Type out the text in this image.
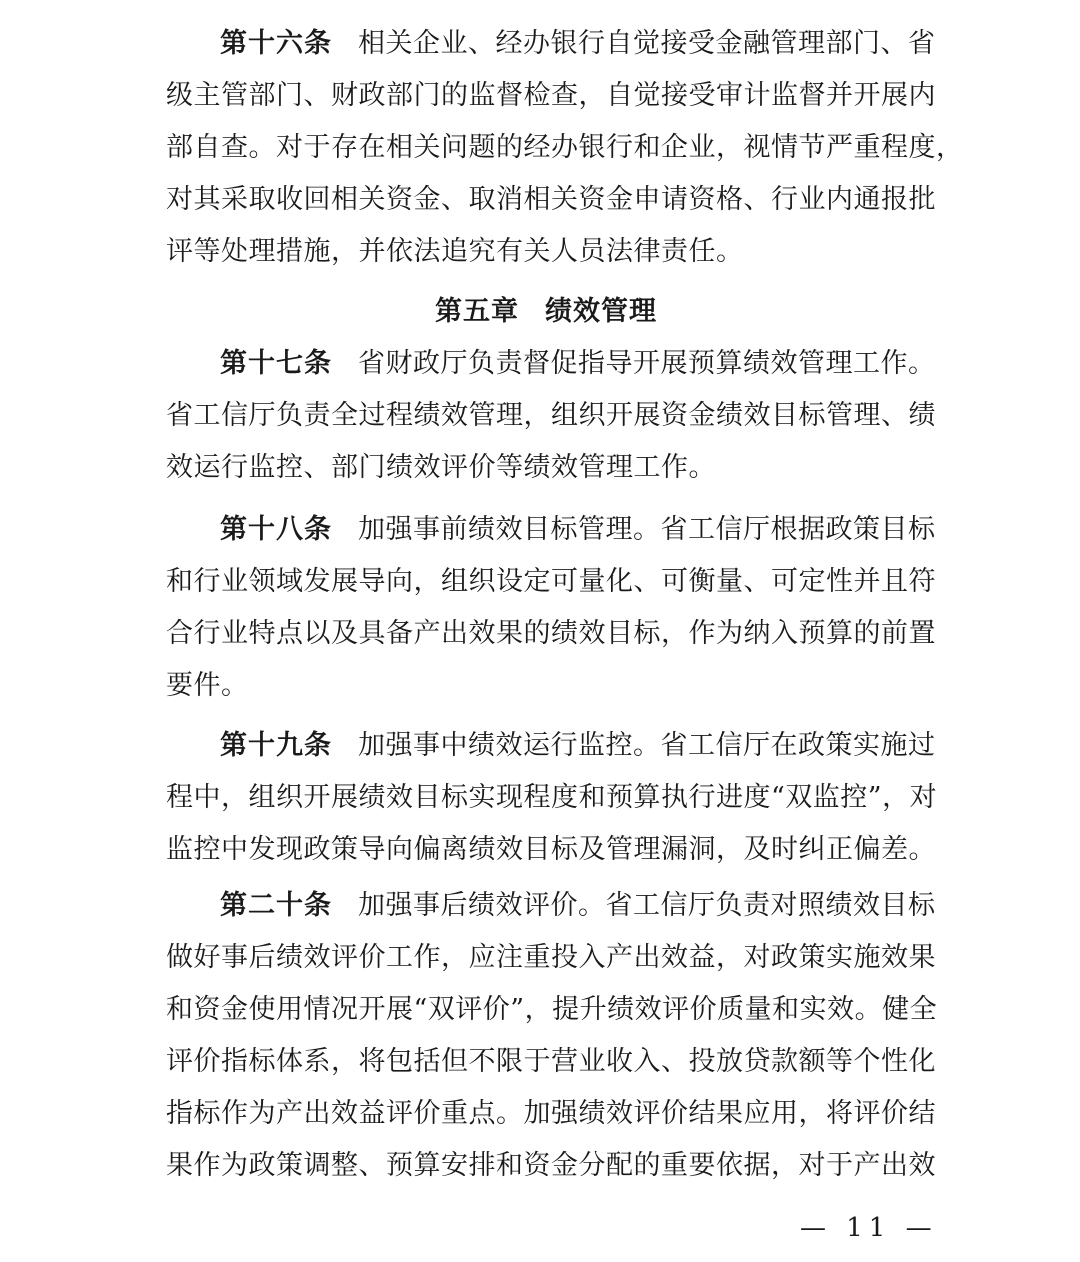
第十六条 相关企业、经办银行自觉接受金融管理部门、省
级主管部门、财政部门的监督检查，自觉接受审计监督并开展内
部自查。对于存在相关问题的经办银行和企业，视情节严重程度，
对其采取收回相关资金、取消相关资金申请资格、行业内通报批
评等处理措施，并依法追究有关人员法律责任。
第五章 绩效管理
第十七条 省财政厅负责督促指导开展预算绩效管理工作。
省工信厅负责全过程绩效管理，组织开展资金绩效目标管理、绩
效运行监控、部门绩效评价等绩效管理工作。
第十八条 加强事前绩效目标管理。省工信厅根据政策目标
和行业领域发展导向，组织设定可量化、可衡量、可定性并且符
合行业特点以及具备产出效果的绩效目标，作为纳入预算的前置
要件。
第十九条 加强事中绩效运行监控。省工信厅在政策实施过
程中，组织开展绩效目标实现程度和预算执行进度“双监控”，对
监控中发现政策导向偏离绩效目标及管理漏洞，及时纠正偏差。
第二十条 加强事后绩效评价。省工信厅负责对照绩效目标
做好事后绩效评价工作，应注重投入产出效益，对政策实施效果
和资金使用情况开展“双评价”，提升绩效评价质量和实效。健全
评价指标体系，将包括但不限于营业收入、投放贷款额等个性化
指标作为产出效益评价重点。加强绩效评价结果应用，将评价结
果作为政策调整、预算安排和资金分配的重要依据，对于产出效
— 11 —
